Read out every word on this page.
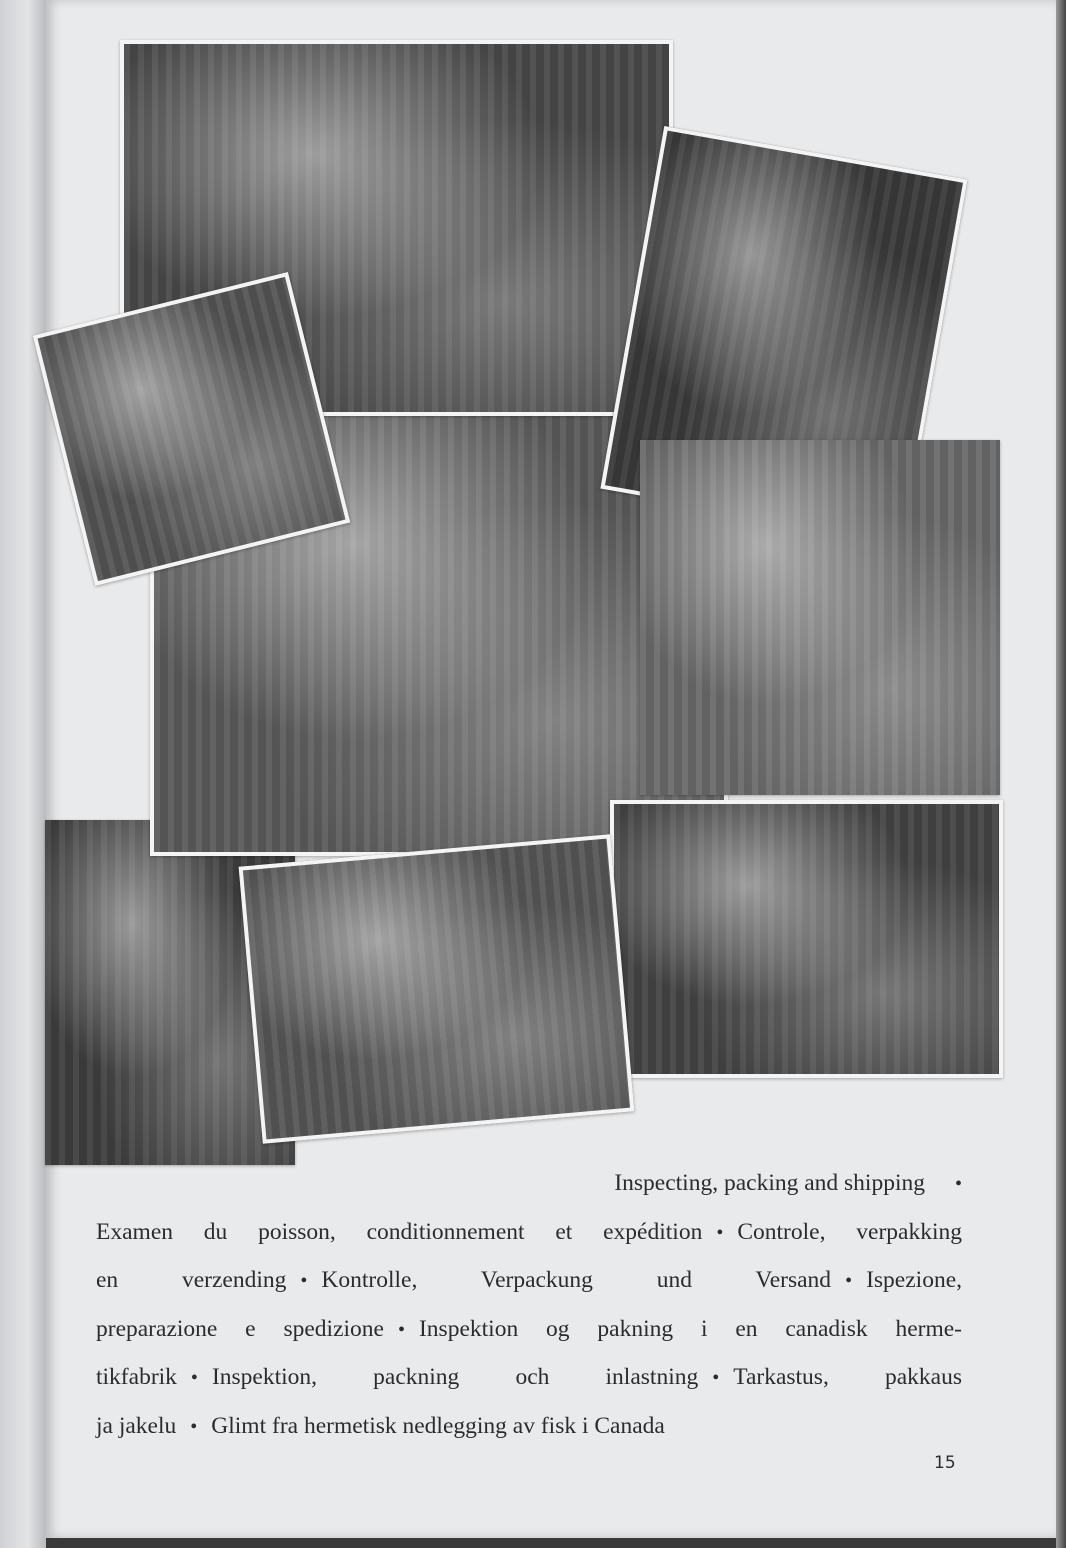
Inspecting, packing and shipping •
Examen du poisson, conditionnement et expédition • Controle, verpakking
en verzending • Kontrolle, Verpackung und Versand • Ispezione,
preparazione e spedizione • Inspektion og pakning i en canadisk herme-
tikfabrik • Inspektion, packning och inlastning • Tarkastus, pakkaus
ja jakelu • Glimt fra hermetisk nedlegging av fisk i Canada
15
